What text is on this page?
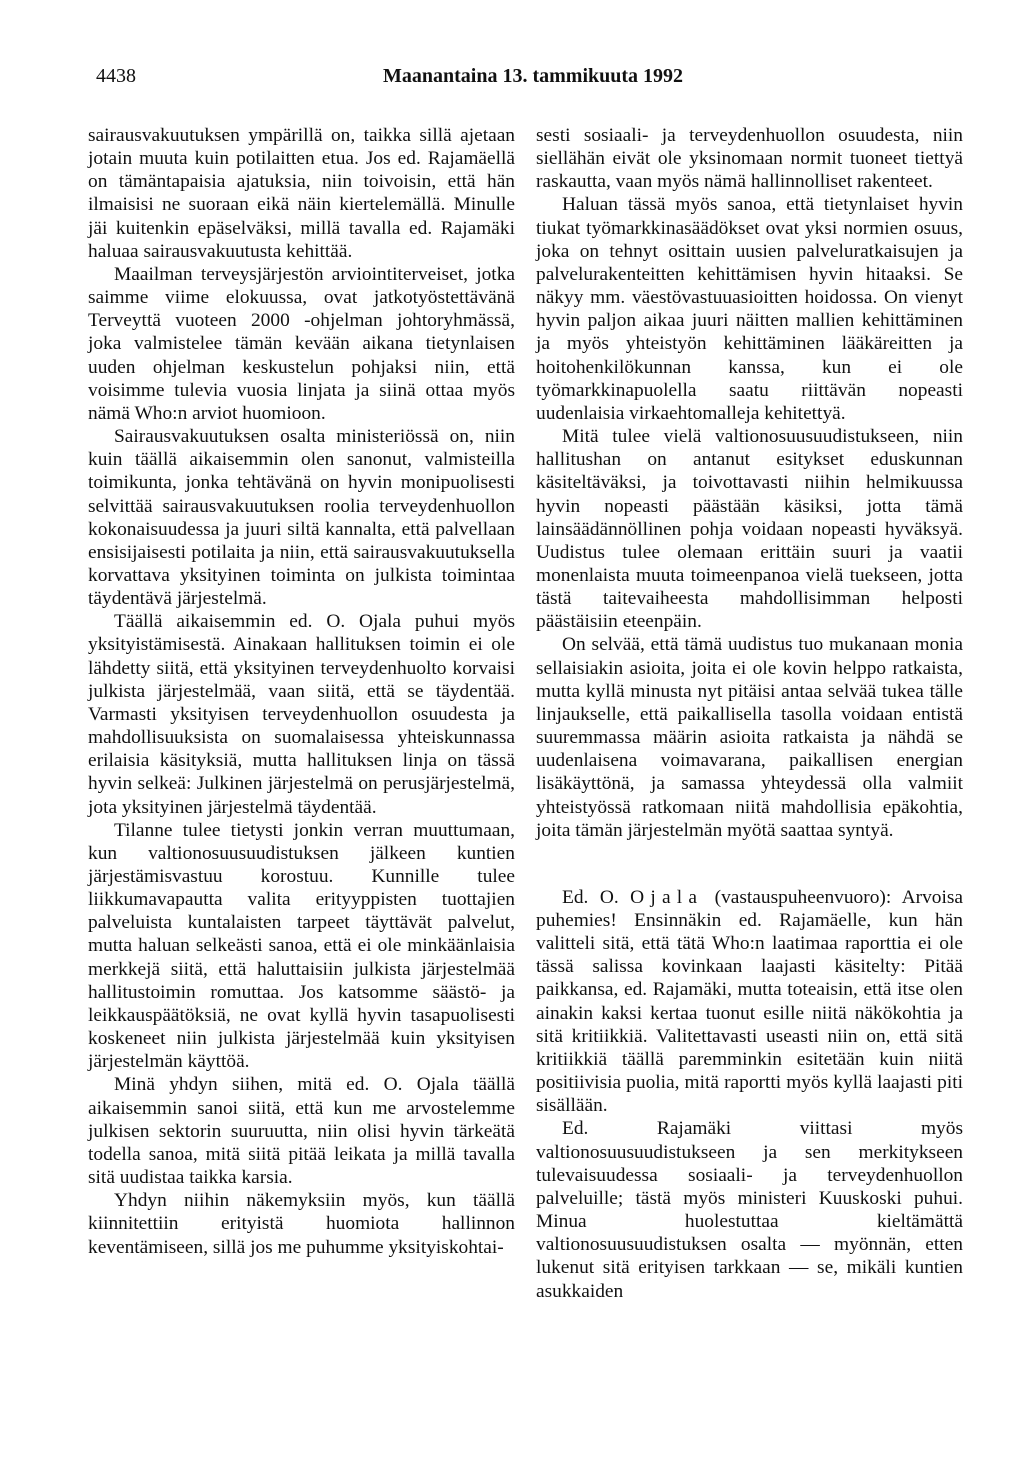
4438	Maanantaina 13. tammikuuta 1992

sairausvakuutuksen ympärillä on, taikka sillä ajetaan jotain muuta kuin potilaitten etua. Jos ed. Rajamäellä on tämäntapaisia ajatuksia, niin toivoisin, että hän ilmaisisi ne suoraan eikä näin kiertelemällä. Minulle jäi kuitenkin epäselväksi, millä tavalla ed. Rajamäki haluaa sairausvakuutusta kehittää.

Maailman terveysjärjestön arviointiterveiset, jotka saimme viime elokuussa, ovat jatkotyöstettävänä Terveyttä vuoteen 2000 -ohjelman johtoryhmässä, joka valmistelee tämän kevään aikana tietynlaisen uuden ohjelman keskustelun pohjaksi niin, että voisimme tulevia vuosia linjata ja siinä ottaa myös nämä Who:n arviot huomioon.

Sairausvakuutuksen osalta ministeriössä on, niin kuin täällä aikaisemmin olen sanonut, valmisteilla toimikunta, jonka tehtävänä on hyvin monipuolisesti selvittää sairausvakuutuksen roolia terveydenhuollon kokonaisuudessa ja juuri siltä kannalta, että palvellaan ensisijaisesti potilaita ja niin, että sairausvakuutuksella korvattava yksityinen toiminta on julkista toimintaa täydentävä järjestelmä.

Täällä aikaisemmin ed. O. Ojala puhui myös yksityistämisestä. Ainakaan hallituksen toimin ei ole lähdetty siitä, että yksityinen terveydenhuolto korvaisi julkista järjestelmää, vaan siitä, että se täydentää. Varmasti yksityisen terveydenhuollon osuudesta ja mahdollisuuksista on suomalaisessa yhteiskunnassa erilaisia käsityksiä, mutta hallituksen linja on tässä hyvin selkeä: Julkinen järjestelmä on perusjärjestelmä, jota yksityinen järjestelmä täydentää.

Tilanne tulee tietysti jonkin verran muuttumaan, kun valtionosuusuudistuksen jälkeen kuntien järjestämisvastuu korostuu. Kunnille tulee liikkumavapautta valita erityyppisten tuottajien palveluista kuntalaisten tarpeet täyttävät palvelut, mutta haluan selkeästi sanoa, että ei ole minkäänlaisia merkkejä siitä, että haluttaisiin julkista järjestelmää hallitustoimin romuttaa. Jos katsomme säästö- ja leikkauspäätöksiä, ne ovat kyllä hyvin tasapuolisesti koskeneet niin julkista järjestelmää kuin yksityisen järjestelmän käyttöä.

Minä yhdyn siihen, mitä ed. O. Ojala täällä aikaisemmin sanoi siitä, että kun me arvostelemme julkisen sektorin suuruutta, niin olisi hyvin tärkeätä todella sanoa, mitä siitä pitää leikata ja millä tavalla sitä uudistaa taikka karsia.

Yhdyn niihin näkemyksiin myös, kun täällä kiinnitettiin erityistä huomiota hallinnon keventämiseen, sillä jos me puhumme yksityiskohtai-

sesti sosiaali- ja terveydenhuollon osuudesta, niin siellähän eivät ole yksinomaan normit tuoneet tiettyä raskautta, vaan myös nämä hallinnolliset rakenteet.

Haluan tässä myös sanoa, että tietynlaiset hyvin tiukat työmarkkinasäädökset ovat yksi normien osuus, joka on tehnyt osittain uusien palveluratkaisujen ja palvelurakenteitten kehittämisen hyvin hitaaksi. Se näkyy mm. väestövastuuasioitten hoidossa. On vienyt hyvin paljon aikaa juuri näitten mallien kehittäminen ja myös yhteistyön kehittäminen lääkäreitten ja hoitohenkilökunnan kanssa, kun ei ole työmarkkinapuolella saatu riittävän nopeasti uudenlaisia virkaehtomalleja kehitettyä.

Mitä tulee vielä valtionosuusuudistukseen, niin hallitushan on antanut esitykset eduskunnan käsiteltäväksi, ja toivottavasti niihin helmikuussa hyvin nopeasti päästään käsiksi, jotta tämä lainsäädännöllinen pohja voidaan nopeasti hyväksyä. Uudistus tulee olemaan erittäin suuri ja vaatii monenlaista muuta toimeenpanoa vielä tuekseen, jotta tästä taitevaiheesta mahdollisimman helposti päästäisiin eteenpäin.

On selvää, että tämä uudistus tuo mukanaan monia sellaisiakin asioita, joita ei ole kovin helppo ratkaista, mutta kyllä minusta nyt pitäisi antaa selvää tukea tälle linjaukselle, että paikallisella tasolla voidaan entistä suuremmassa määrin asioita ratkaista ja nähdä se uudenlaisena voimavarana, paikallisen energian lisäkäyttönä, ja samassa yhteydessä olla valmiit yhteistyössä ratkomaan niitä mahdollisia epäkohtia, joita tämän järjestelmän myötä saattaa syntyä.

Ed. O. Ojala (vastauspuheenvuoro): Arvoisa puhemies! Ensinnäkin ed. Rajamäelle, kun hän valitteli sitä, että tätä Who:n laatimaa raporttia ei ole tässä salissa kovinkaan laajasti käsitelty: Pitää paikkansa, ed. Rajamäki, mutta toteaisin, että itse olen ainakin kaksi kertaa tuonut esille niitä näkökohtia ja sitä kritiikkiä. Valitettavasti useasti niin on, että sitä kritiikkiä täällä paremminkin esitetään kuin niitä positiivisia puolia, mitä raportti myös kyllä laajasti piti sisällään.

Ed. Rajamäki viittasi myös valtionosuusuudistukseen ja sen merkitykseen tulevaisuudessa sosiaali- ja terveydenhuollon palveluille; tästä myös ministeri Kuuskoski puhui. Minua huolestuttaa kieltämättä valtionosuusuudistuksen osalta — myönnän, etten lukenut sitä erityisen tarkkaan — se, mikäli kuntien asukkaiden
